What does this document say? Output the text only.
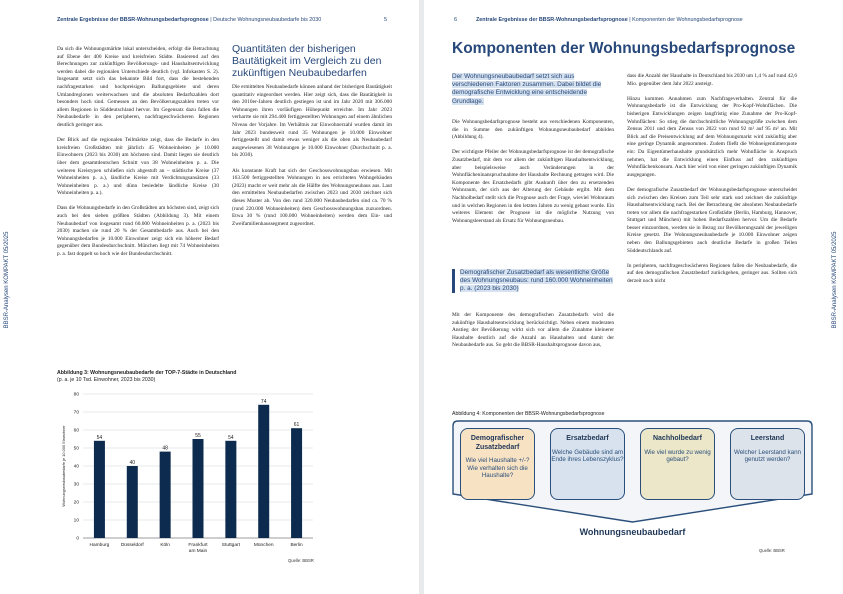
Zentrale Ergebnisse der BBSR-Wohnungsbedarfsprognose | Deutsche Wohnungsneubaubedarfe bis 2030	5
BBSR-Analysen KOMPAKT 05/2025

Da sich die Wohnungsmärkte lokal unterscheiden, erfolgt die Betrachtung auf Ebene der 400 Kreise und kreisfreien Städte. Basierend auf den Berechnungen zur zukünftigen Bevölkerungs- und Haushaltsentwicklung werden dabei die regionalen Unterschiede deutlich (vgl. Infokasten S. 2). Insgesamt setzt sich das bekannte Bild fort, dass die bestehenden nachfragestarken und hochpreisigen Ballungsgebiete und deren Umlandregionen weiterwachsen und die absoluten Bedarfszahlen dort besonders hoch sind. Gemessen an den Bevölkerungszahlen treten vor allem Regionen in Süddeutschland hervor. Im Gegensatz dazu fallen die Neubaubedarfe in den peripheren, nachfrageschwächeren Regionen deutlich geringer aus.

Der Blick auf die regionalen Teilmärkte zeigt, dass die Bedarfe in den kreisfreien Großstädten mit jährlich 45 Wohneinheiten je 10.000 Einwohnern (2023 bis 2030) am höchsten sind. Damit liegen sie deutlich über dem gesamtdeutschen Schnitt von 38 Wohneinheiten p. a. Die weiteren Kreistypen schließen sich abgestuft an – städtische Kreise (37 Wohneinheiten p. a.), ländliche Kreise mit Verdichtungsansätzen (33 Wohneinheiten p. a.) und dünn besiedelte ländliche Kreise (30 Wohneinheiten p. a.).

Dass die Wohnungsbedarfe in den Großstädten am höchsten sind, zeigt sich auch bei den sieben größten Städten (Abbildung 3). Mit einem Neubaubedarf von insgesamt rund 60.000 Wohneinheiten p. a. (2023 bis 2030) machen sie rund 20 % der Gesamtbedarfe aus. Auch bei den Wohnungsbedarfen je 10.000 Einwohner zeigt sich ein höherer Bedarf gegenüber dem Bundesdurchschnitt. München liegt mit 74 Wohneinheiten p. a. fast doppelt so hoch wie der Bundesdurchschnitt.

Quantitäten der bisherigen Bautätigkeit im Vergleich zu den zukünftigen Neubaubedarfen

Die ermittelten Neubaubedarfe können anhand der bisherigen Bautätigkeit quantitativ eingeordnet werden. Hier zeigt sich, dass die Bautätigkeit in den 2010er-Jahren deutlich gestiegen ist und im Jahr 2020 mit 306.000 Wohnungen ihren vorläufigen Höhepunkt erreichte. Im Jahr 2023 verharrte sie mit 294.400 fertiggestellten Wohnungen auf einem ähnlichen Niveau der Vorjahre. Im Verhältnis zur Einwohnerzahl wurden damit im Jahr 2023 bundesweit rund 35 Wohnungen je 10.000 Einwohner fertiggestellt und damit etwas weniger als die oben als Neubaubedarf ausgewiesenen 38 Wohnungen je 10.000 Einwohner (Durchschnitt p. a. bis 2030).

Als konstante Kraft hat sich der Geschosswohnungsbau erwiesen. Mit 163.500 fertiggestellten Wohnungen in neu errichteten Wohngebäuden (2023) macht er weit mehr als die Hälfte des Wohnungsneubaus aus. Laut den ermittelten Neubaubedarfen zwischen 2023 und 2030 zeichnet sich dieses Muster ab. Von den rund 320.000 Neubaubedarfen sind ca. 70 % (rund 220.000 Wohneinheiten) dem Geschosswohnungsbau zuzuordnen. Etwa 30 % (rund 100.000 Wohneinheiten) werden dem Ein- und Zweifamilienhaussegment zugeordnet.

Abbildung 3: Wohnungsneubaubedarfe der TOP-7-Städte in Deutschland
(p. a. je 10 Tsd. Einwohner, 2023 bis 2030)
0
10
20
30
40
50
60
70
80
Wohnungsneubaubedarfe je 10.000 Einwohner	54
Hamburg
40
Düsseldorf
48
Köln
55
Frankfurt
am Main
54
Stuttgart
74
München
61
Berlin
Quelle: BBSR
6	Zentrale Ergebnisse der BBSR-Wohnungsbedarfsprognose | Komponenten der Wohnungsbedarfsprognose
BBSR-Analysen KOMPAKT 05/2025
Komponenten der Wohnungsbedarfsprognose
Der Wohnungsneubaubedarf setzt sich aus verschiedenen Faktoren zusammen. Dabei bildet die demografische Entwicklung eine entscheidende Grundlage.

Die Wohnungsbedarfsprognose besteht aus verschiedenen Komponenten, die in Summe den zukünftigen Wohnungsneubaubedarf abbilden (Abbildung 4).

Der wichtigste Pfeiler der Wohnungsbedarfsprognose ist der demografische Zusatzbedarf, mit dem vor allem der zukünftigen Haushaltsentwicklung, aber beispielsweise auch Veränderungen in der Wohnflächeninanspruchnahme der Haushalte Rechnung getragen wird. Die Komponente des Ersatzbedarfs gibt Auskunft über den zu ersetzenden Wohnraum, der sich aus der Alterung der Gebäude ergibt. Mit dem Nachholbedarf stellt sich die Prognose auch der Frage, wieviel Wohnraum und in welchen Regionen in den letzten Jahren zu wenig gebaut wurde. Ein weiteres Element der Prognose ist die mögliche Nutzung von Wohnungsleerstand als Ersatz für Wohnungsneubau.

Demografischer Zusatzbedarf als wesentliche Größe des Wohnungsneubaus: rund 160.000 Wohneinheiten p. a. (2023 bis 2030)

Mit der Komponente des demografischen Zusatzbedarfs wird die zukünftige Haushaltsentwicklung berücksichtigt. Neben einem moderaten Anstieg der Bevölkerung wirkt sich vor allem die Zunahme kleinerer Haushalte deutlich auf die Anzahl an Haushalten und damit der Neubaubedarfe aus. So geht die BBSR-Haushaltsprognose davon aus,

dass die Anzahl der Haushalte in Deutschland bis 2030 um 1,4 % auf rund 42,6 Mio. gegenüber dem Jahr 2022 ansteigt.

Hinzu kommen Annahmen zum Nachfrageverhalten. Zentral für die Wohnungsbedarfe ist die Entwicklung der Pro-Kopf-Wohnflächen. Die bisherigen Entwicklungen zeigen langfristig eine Zunahme der Pro-Kopf-Wohnflächen: So stieg die durchschnittliche Wohnungsgröße zwischen dem Zensus 2011 und dem Zensus von 2022 von rund 92 m² auf 95 m² an. Mit Blick auf die Preisentwicklung auf dem Wohnungsmarkt wird zukünftig aber eine geringe Dynamik angenommen. Zudem fließt die Wohneigentümerquote ein: Da Eigentümerhaushalte grundsätzlich mehr Wohnfläche in Anspruch nehmen, hat die Entwicklung einen Einfluss auf den zukünftigen Wohnflächenkonsum. Auch hier wird von einer geringen zukünftigen Dynamik ausgegangen.

Der demografische Zusatzbedarf der Wohnungsbedarfsprognose unterscheidet sich zwischen den Kreisen zum Teil sehr stark und zeichnet die zukünftige Haushaltsentwicklung nach. Bei der Betrachtung der absoluten Neubaubedarfe treten vor allem die nachfragestarken Großstädte (Berlin, Hamburg, Hannover, Stuttgart und München) mit hohen Bedarfszahlen hervor. Um die Bedarfe besser einzuordnen, werden sie in Bezug zur Bevölkerungszahl der jeweiligen Kreise gesetzt. Die Wohnungsneubaubedarfe je 10.000 Einwohner zeigen neben den Ballungsgebieten auch deutliche Bedarfe in großen Teilen Süddeutschlands auf.

In peripheren, nachfrageschwächeren Regionen fallen die Neubaubedarfe, die auf den demografischen Zusatzbedarf zurückgehen, geringer aus. Sollten sich derzeit noch nicht

Abbildung 4: Komponenten der BBSR-Wohnungsbedarfsprognose
Demografischer Zusatzbedarf
Wie viel Haushalte +/-? Wie verhalten sich die Haushalte?
Ersatzbedarf
Welche Gebäude sind am Ende ihres Lebenszyklus?
Nachholbedarf
Wie viel wurde zu wenig gebaut?
Leerstand
Welcher Leerstand kann genutzt werden?
Wohnungsneubaubedarf
Quelle: BBSR
